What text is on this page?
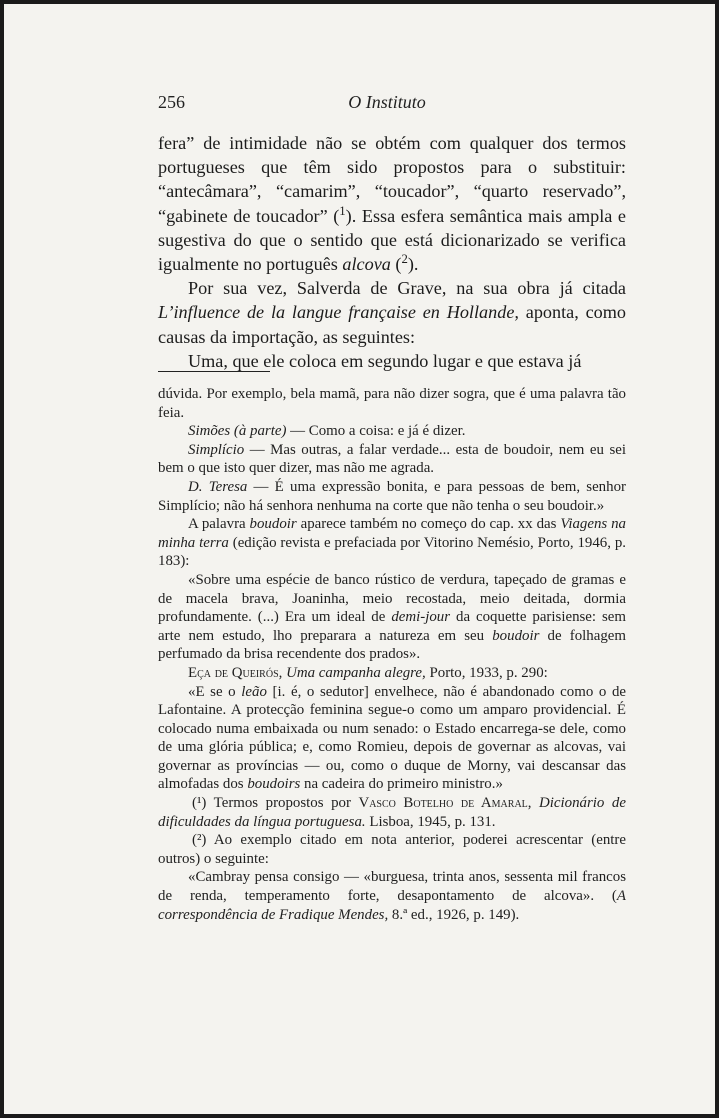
256	O Instituto

fera” de intimidade não se obtém com qualquer dos termos portugueses que têm sido propostos para o substituir: “antecâmara”, “camarim”, “toucador”, “quarto reservado”, “gabinete de toucador” ($^1$). Essa esfera semântica mais ampla e sugestiva do que o sentido que está dicionarizado se verifica igualmente no português alcova ($^2$).

Por sua vez, Salverda de Grave, na sua obra já citada L’influence de la langue française en Hollande, aponta, como causas da importação, as seguintes:

Uma, que ele coloca em segundo lugar e que estava já

dúvida. Por exemplo, bela mamã, para não dizer sogra, que é uma palavra tão feia.

Simões (à parte) — Como a coisa: e já é dizer.

Simplício — Mas outras, a falar verdade... esta de boudoir, nem eu sei bem o que isto quer dizer, mas não me agrada.

D. Teresa — É uma expressão bonita, e para pessoas de bem, senhor Simplício; não há senhora nenhuma na corte que não tenha o seu boudoir.»

A palavra boudoir aparece também no começo do cap. xx das Viagens na minha terra (edição revista e prefaciada por Vitorino Nemésio, Porto, 1946, p. 183):

«Sobre uma espécie de banco rústico de verdura, tapeçado de gramas e de macela brava, Joaninha, meio recostada, meio deitada, dormia profundamente. (...) Era um ideal de demi-jour da coquette parisiense: sem arte nem estudo, lho preparara a natureza em seu boudoir de folhagem perfumado da brisa recendente dos prados».

Eça de Queirós, Uma campanha alegre, Porto, 1933, p. 290:

«E se o leão [i. é, o sedutor] envelhece, não é abandonado como o de Lafontaine. A protecção feminina segue-o como um amparo providencial. É colocado numa embaixada ou num senado: o Estado encarrega-se dele, como de uma glória pública; e, como Romieu, depois de governar as alcovas, vai governar as províncias — ou, como o duque de Morny, vai descansar das almofadas dos boudoirs na cadeira do primeiro ministro.»

(¹) Termos propostos por Vasco Botelho de Amaral, Dicionário de dificuldades da língua portuguesa. Lisboa, 1945, p. 131.

(²) Ao exemplo citado em nota anterior, poderei acrescentar (entre outros) o seguinte:

«Cambray pensa consigo — «burguesa, trinta anos, sessenta mil francos de renda, temperamento forte, desapontamento de alcova». (A correspondência de Fradique Mendes, 8.ª ed., 1926, p. 149).
